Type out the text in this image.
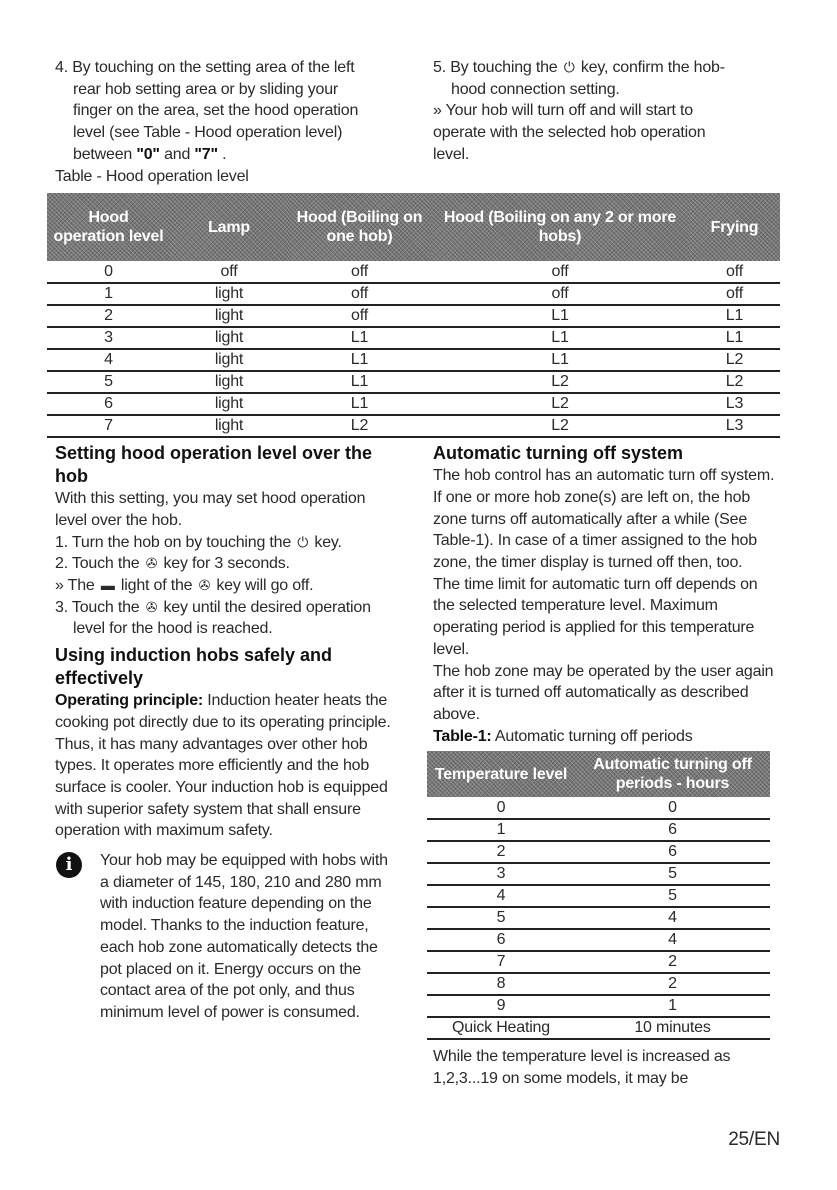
4. By touching on the setting area of the left

rear hob setting area or by sliding your

finger on the area, set the hood operation

level (see Table - Hood operation level)

between "0" and "7" .

Table - Hood operation level

5. By touching the ⏻ key, confirm the hob-

hood connection setting.

» Your hob will turn off and will start to

operate with the selected hob operation

level.

Hood operation level	Lamp	Hood (Boiling on one hob)	Hood (Boiling on any 2 or more hobs)	Frying
0	off	off	off	off
1	light	off	off	off
2	light	off	L1	L1
3	light	L1	L1	L1
4	light	L1	L1	L2
5	light	L1	L2	L2
6	light	L1	L2	L3
7	light	L2	L2	L3
Setting hood operation level over the hob

With this setting, you may set hood operation level over the hob.

1. Turn the hob on by touching the ⏻ key.

2. Touch the ✇ key for 3 seconds.

» The ▬ light of the ✇ key will go off.

3. Touch the ✇ key until the desired operation level for the hood is reached.

Using induction hobs safely and effectively

Operating principle: Induction heater heats the cooking pot directly due to its operating principle. Thus, it has many advantages over other hob types. It operates more efficiently and the hob surface is cooler. Your induction hob is equipped with superior safety system that shall ensure operation with maximum safety.

i	Your hob may be equipped with hobs with a diameter of 145, 180, 210 and 280 mm with induction feature depending on the model. Thanks to the induction feature, each hob zone automatically detects the pot placed on it. Energy occurs on the contact area of the pot only, and thus minimum level of power is consumed.
Automatic turning off system

The hob control has an automatic turn off system. If one or more hob zone(s) are left on, the hob zone turns off automatically after a while (See Table-1). In case of a timer assigned to the hob zone, the timer display is turned off then, too.

The time limit for automatic turn off depends on the selected temperature level. Maximum operating period is applied for this temperature level.

The hob zone may be operated by the user again after it is turned off automatically as described above.

Table-1: Automatic turning off periods

Temperature level	Automatic turning off periods - hours
0	0
1	6
2	6
3	5
4	5
5	4
6	4
7	2
8	2
9	1
Quick Heating	10 minutes

While the temperature level is increased as 1,2,3...19 on some models, it may be

25/EN
